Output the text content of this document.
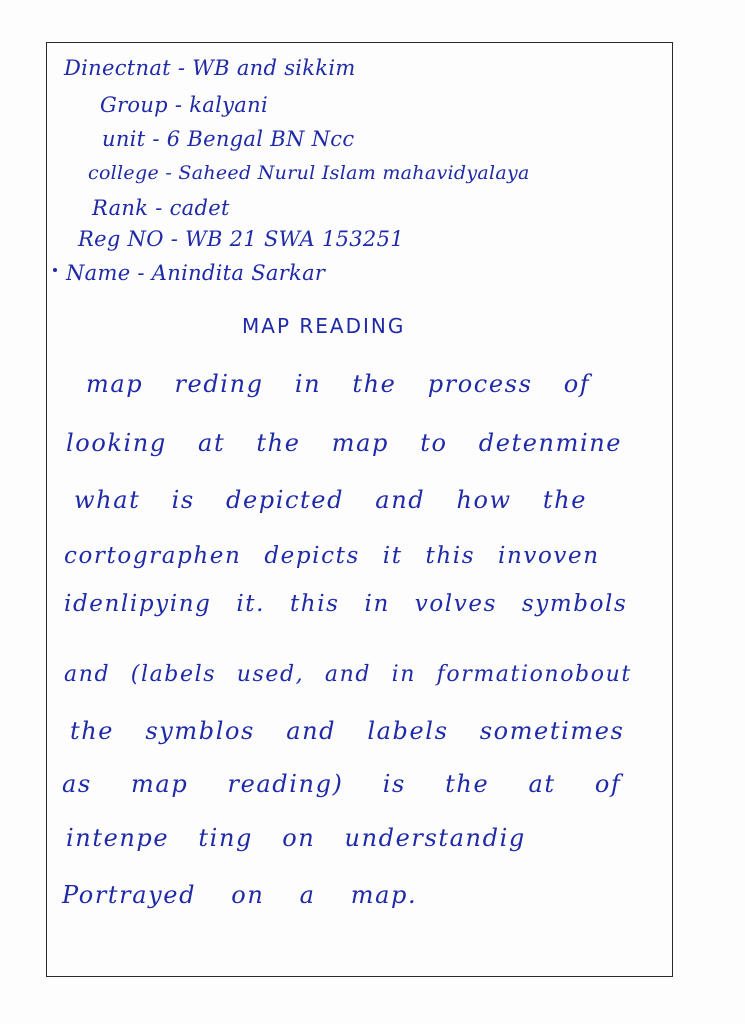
Dinectnat - WB and sikkim
Group - kalyani
unit - 6 Bengal BN Ncc
college - Saheed Nurul Islam mahavidyalaya
Rank - cadet
Reg NO - WB 21 SWA 153251
Name - Anindita Sarkar
MAP READING
map reding in the process of
looking at the map to detenmine
what is depicted and how the
cortographen depicts it this invoven
idenlipying it. this in volves symbols
and (labels used, and in formationobout
the symblos and labels sometimes
as map reading) is the at of
intenpe ting on understandig
Portrayed on a map.
